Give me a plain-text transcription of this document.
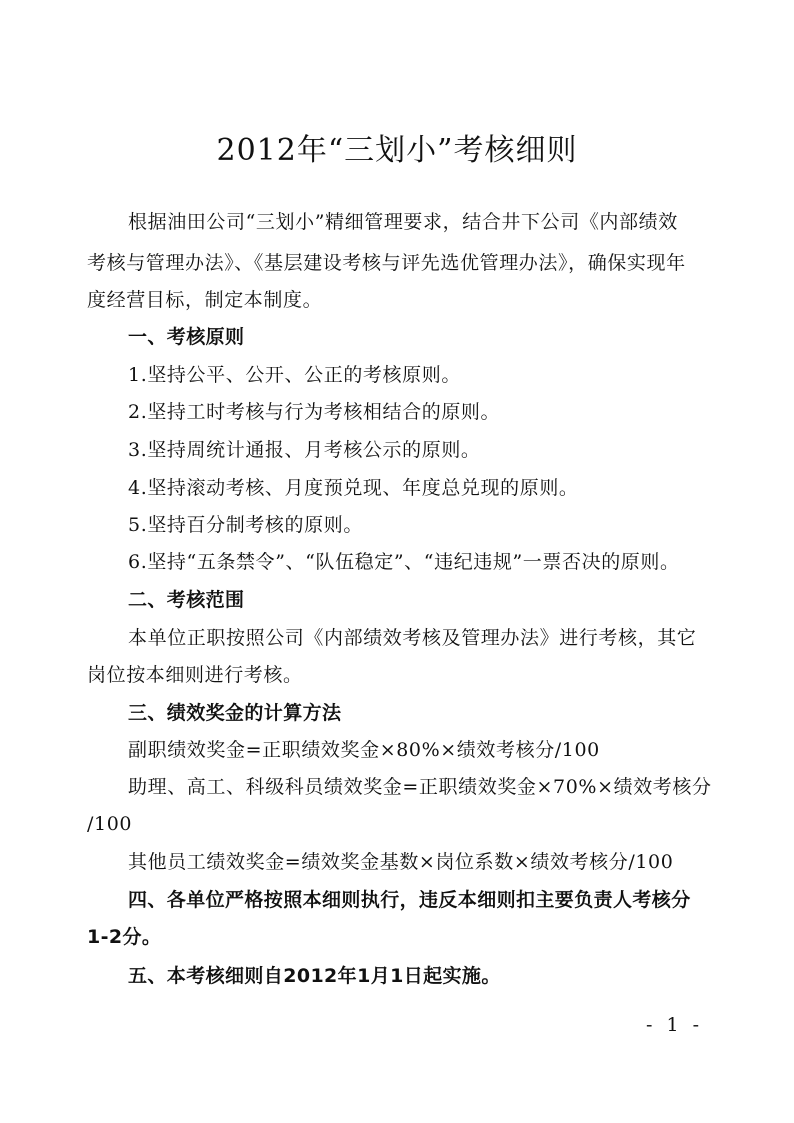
2012年“三划小”考核细则
根据油田公司“三划小”精细管理要求，结合井下公司《内部绩效
考核与管理办法》、《基层建设考核与评先选优管理办法》，确保实现年
度经营目标，制定本制度。
一、考核原则
1.坚持公平、公开、公正的考核原则。
2.坚持工时考核与行为考核相结合的原则。
3.坚持周统计通报、月考核公示的原则。
4.坚持滚动考核、月度预兑现、年度总兑现的原则。
5.坚持百分制考核的原则。
6.坚持“五条禁令”、“队伍稳定”、“违纪违规”一票否决的原则。
二、考核范围
本单位正职按照公司《内部绩效考核及管理办法》进行考核，其它
岗位按本细则进行考核。
三、绩效奖金的计算方法
副职绩效奖金=正职绩效奖金×80%×绩效考核分/100
助理、高工、科级科员绩效奖金=正职绩效奖金×70%×绩效考核分
/100
其他员工绩效奖金=绩效奖金基数×岗位系数×绩效考核分/100
四、各单位严格按照本细则执行，违反本细则扣主要负责人考核分
1-2分。
五、本考核细则自2012年1月1日起实施。
- 1 -
